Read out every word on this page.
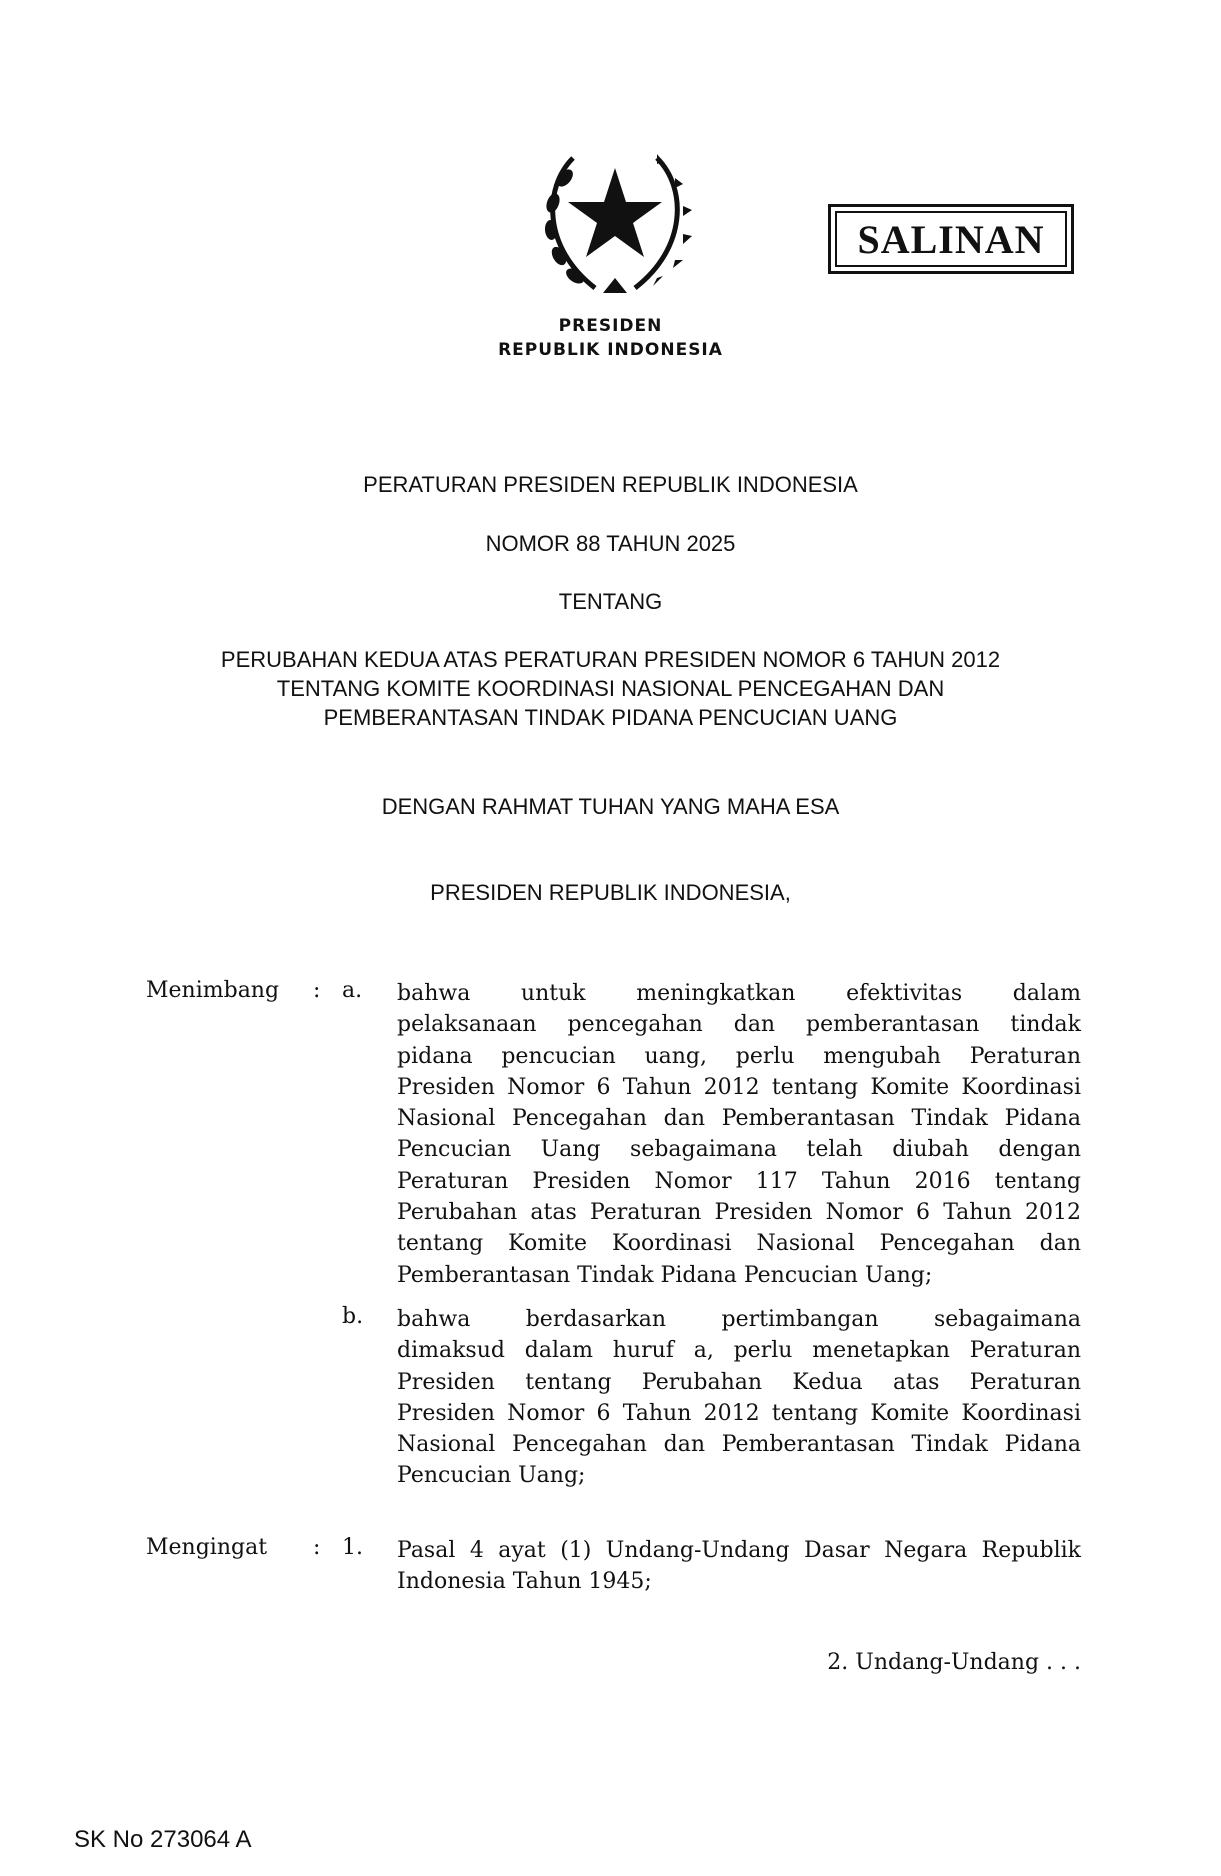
SALINAN
PRESIDEN
REPUBLIK INDONESIA
PERATURAN PRESIDEN REPUBLIK INDONESIA
NOMOR 88 TAHUN 2025
TENTANG
PERUBAHAN KEDUA ATAS PERATURAN PRESIDEN NOMOR 6 TAHUN 2012
TENTANG KOMITE KOORDINASI NASIONAL PENCEGAHAN DAN
PEMBERANTASAN TINDAK PIDANA PENCUCIAN UANG
DENGAN RAHMAT TUHAN YANG MAHA ESA
PRESIDEN REPUBLIK INDONESIA,
Menimbang : a. bahwa untuk meningkatkan efektivitas dalam
pelaksanaan pencegahan dan pemberantasan tindak
pidana pencucian uang, perlu mengubah Peraturan
Presiden Nomor 6 Tahun 2012 tentang Komite Koordinasi
Nasional Pencegahan dan Pemberantasan Tindak Pidana
Pencucian Uang sebagaimana telah diubah dengan
Peraturan Presiden Nomor 117 Tahun 2016 tentang
Perubahan atas Peraturan Presiden Nomor 6 Tahun 2012
tentang Komite Koordinasi Nasional Pencegahan dan
Pemberantasan Tindak Pidana Pencucian Uang;
b. bahwa berdasarkan pertimbangan sebagaimana
dimaksud dalam huruf a, perlu menetapkan Peraturan
Presiden tentang Perubahan Kedua atas Peraturan
Presiden Nomor 6 Tahun 2012 tentang Komite Koordinasi
Nasional Pencegahan dan Pemberantasan Tindak Pidana
Pencucian Uang;
Mengingat : 1. Pasal 4 ayat (1) Undang-Undang Dasar Negara Republik
Indonesia Tahun 1945;
2. Undang-Undang . . .
SK No 273064 A
